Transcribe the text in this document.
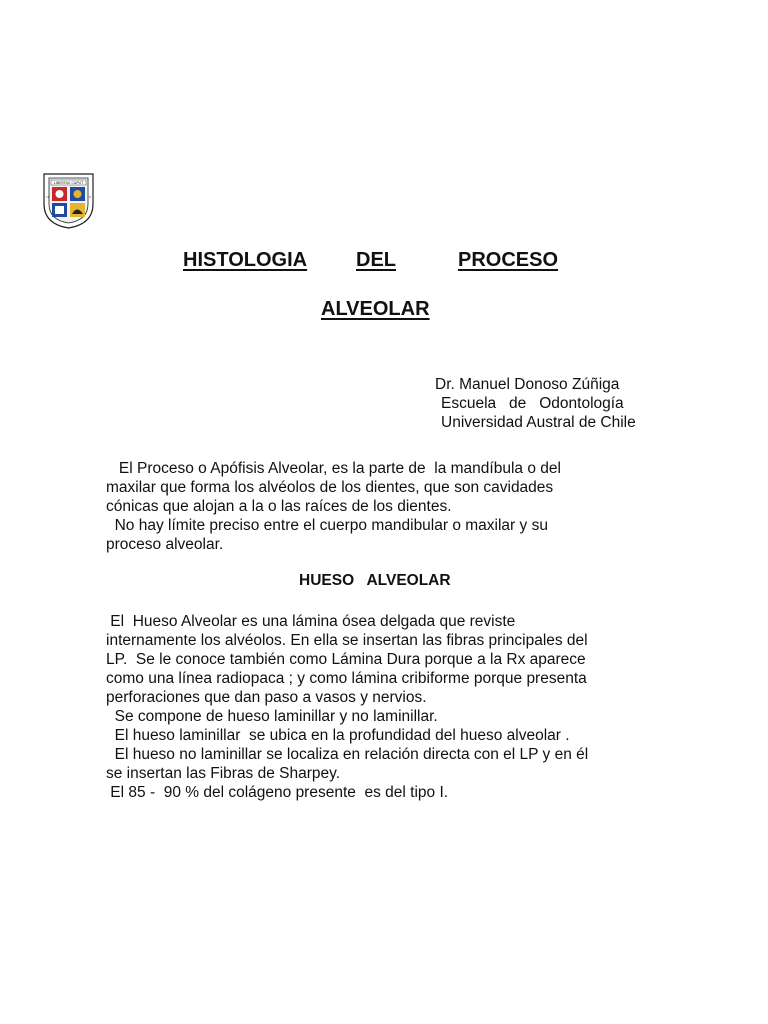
LIBERTAS CAPUT
U	C
HISTOLOGIA DEL	PROCESO
ALVEOLAR
Dr. Manuel Donoso Zúñiga
Escuela   de   Odontología
Universidad Austral de Chile
El Proceso o Apófisis Alveolar, es la parte de  la mandíbula o del
maxilar que forma los alvéolos de los dientes, que son cavidades
cónicas que alojan a la o las raíces de los dientes.
No hay límite preciso entre el cuerpo mandibular o maxilar y su
proceso alveolar.
HUESO   ALVEOLAR
El  Hueso Alveolar es una lámina ósea delgada que reviste
internamente los alvéolos. En ella se insertan las fibras principales del
LP.  Se le conoce también como Lámina Dura porque a la Rx aparece
como una línea radiopaca ; y como lámina cribiforme porque presenta
perforaciones que dan paso a vasos y nervios.
Se compone de hueso laminillar y no laminillar.
El hueso laminillar  se ubica en la profundidad del hueso alveolar .
El hueso no laminillar se localiza en relación directa con el LP y en él
se insertan las Fibras de Sharpey.
El 85 -  90 % del colágeno presente  es del tipo I.
